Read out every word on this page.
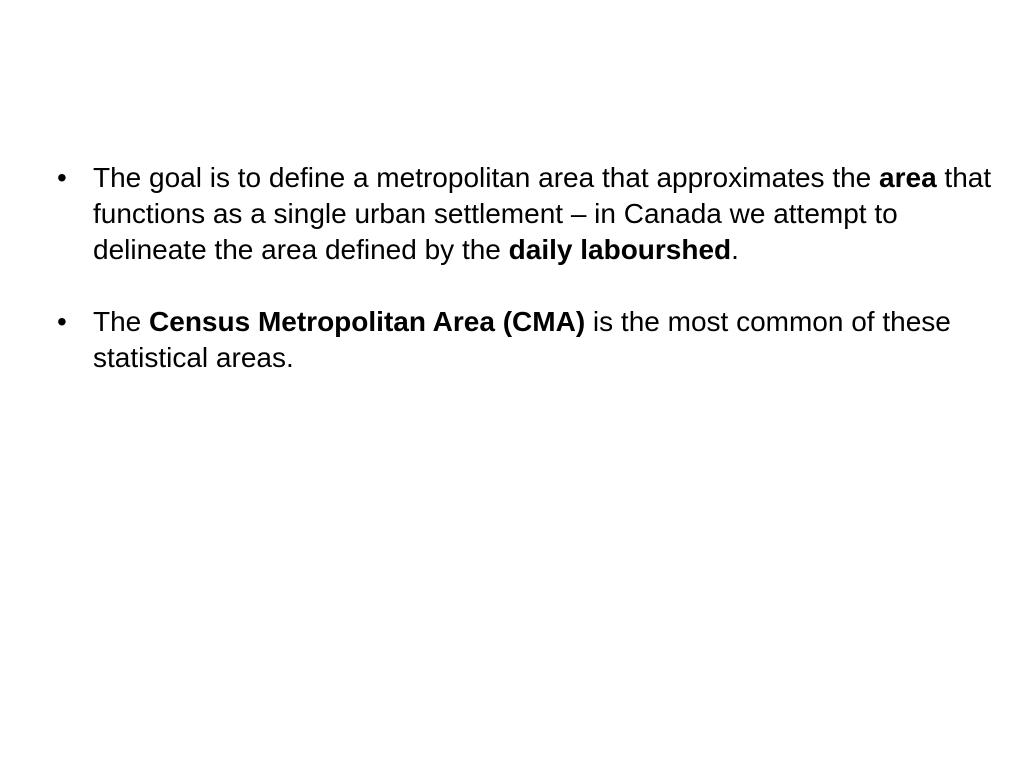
• The goal is to define a metropolitan area that approximates the area that functions as a single urban settlement – in Canada we attempt to delineate the area defined by the daily labourshed.
• The Census Metropolitan Area (CMA) is the most common of these statistical areas.
